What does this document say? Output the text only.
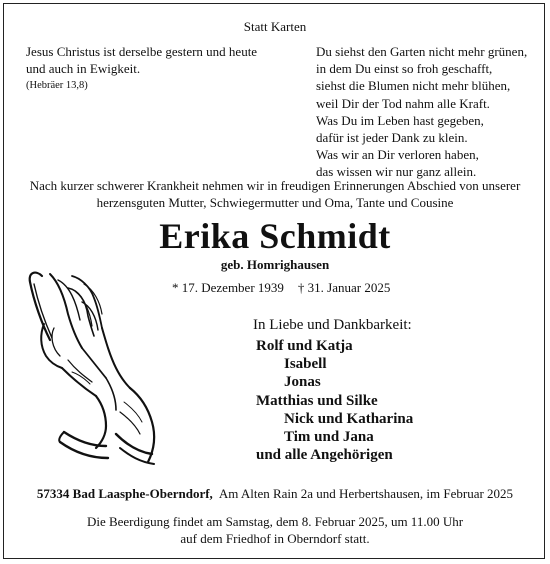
Statt Karten
Jesus Christus ist derselbe gestern und heute
und auch in Ewigkeit.
(Hebräer 13,8)
Du siehst den Garten nicht mehr grünen,
in dem Du einst so froh geschafft,
siehst die Blumen nicht mehr blühen,
weil Dir der Tod nahm alle Kraft.
Was Du im Leben hast gegeben,
dafür ist jeder Dank zu klein.
Was wir an Dir verloren haben,
das wissen wir nur ganz allein.
Nach kurzer schwerer Krankheit nehmen wir in freudigen Erinnerungen Abschied von unserer
herzensguten Mutter, Schwiegermutter und Oma, Tante und Cousine
Erika Schmidt
geb. Homrighausen
* 17. Dezember 1939 † 31. Januar 2025
In Liebe und Dankbarkeit:
Rolf und Katja
Isabell
Jonas
Matthias und Silke
Nick und Katharina
Tim und Jana
und alle Angehörigen
57334 Bad Laasphe-Oberndorf, Am Alten Rain 2a und Herbertshausen, im Februar 2025
Die Beerdigung findet am Samstag, dem 8. Februar 2025, um 11.00 Uhr
auf dem Friedhof in Oberndorf statt.
